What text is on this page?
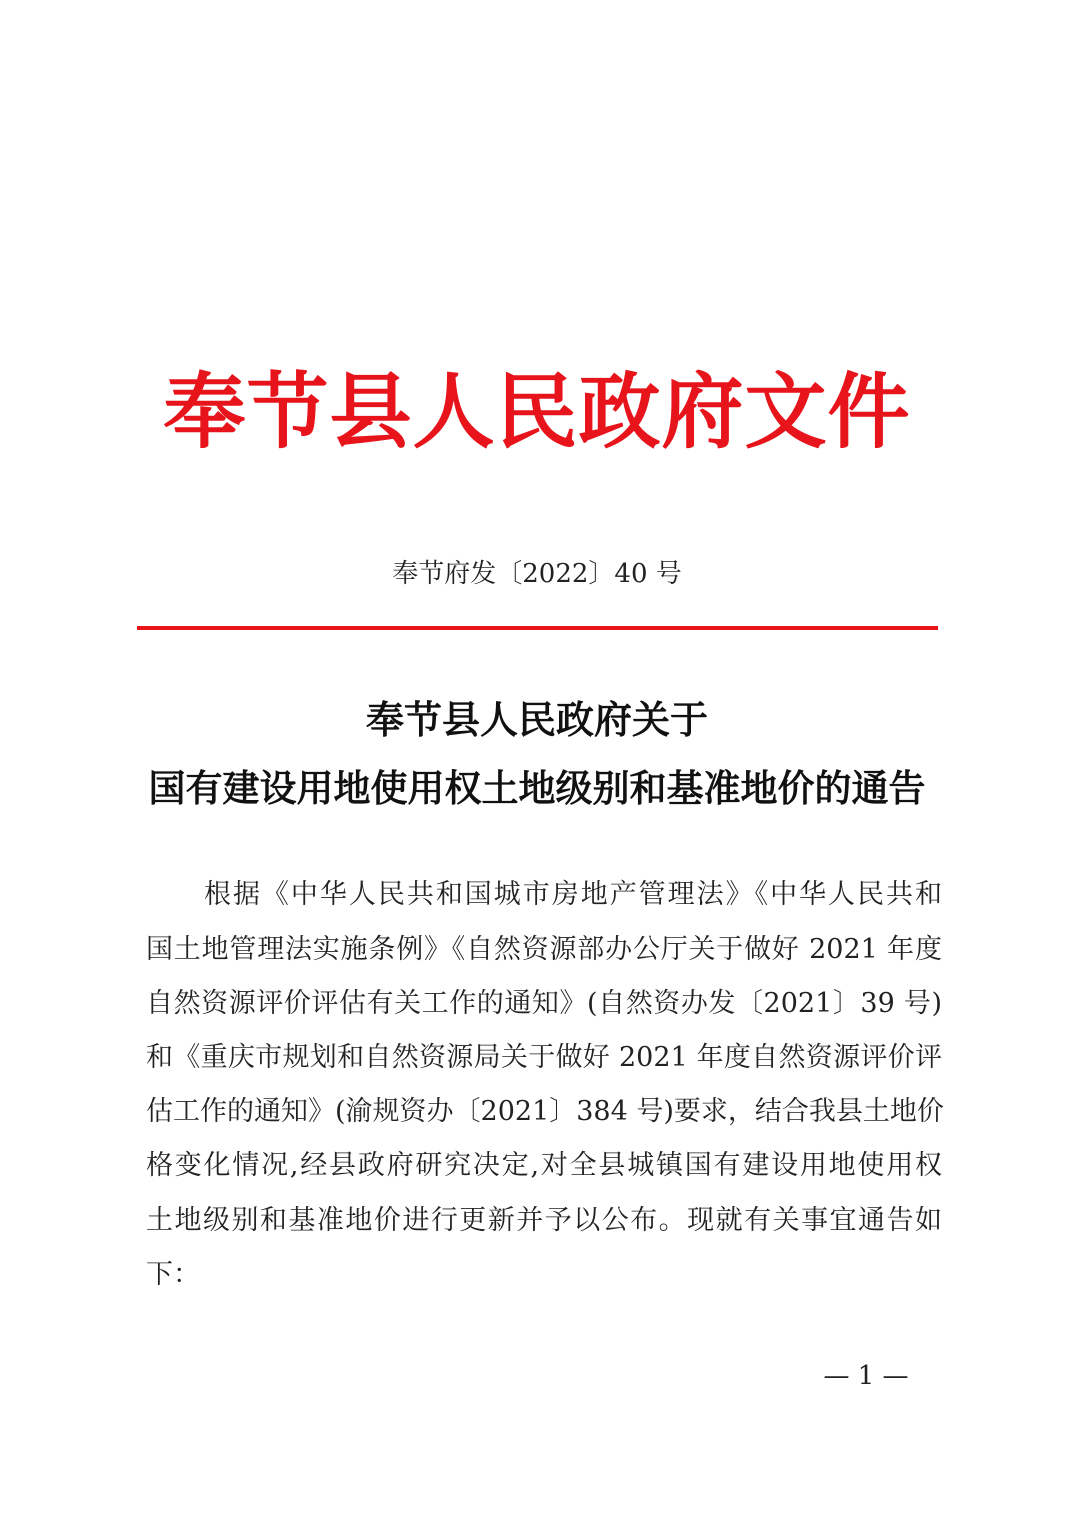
奉节县人民政府文件
奉节府发〔2022〕40 号
奉节县人民政府关于
国有建设用地使用权土地级别和基准地价的通告
　　根据《中华人民共和国城市房地产管理法》《中华人民共和
国土地管理法实施条例》《自然资源部办公厅关于做好 2021 年度
自然资源评价评估有关工作的通知》(自然资办发〔2021〕39 号)
和《重庆市规划和自然资源局关于做好 2021 年度自然资源评价评
估工作的通知》(渝规资办〔2021〕384 号)要求，结合我县土地价
格变化情况,经县政府研究决定,对全县城镇国有建设用地使用权
土地级别和基准地价进行更新并予以公布。现就有关事宜通告如
下：
— 1 —
